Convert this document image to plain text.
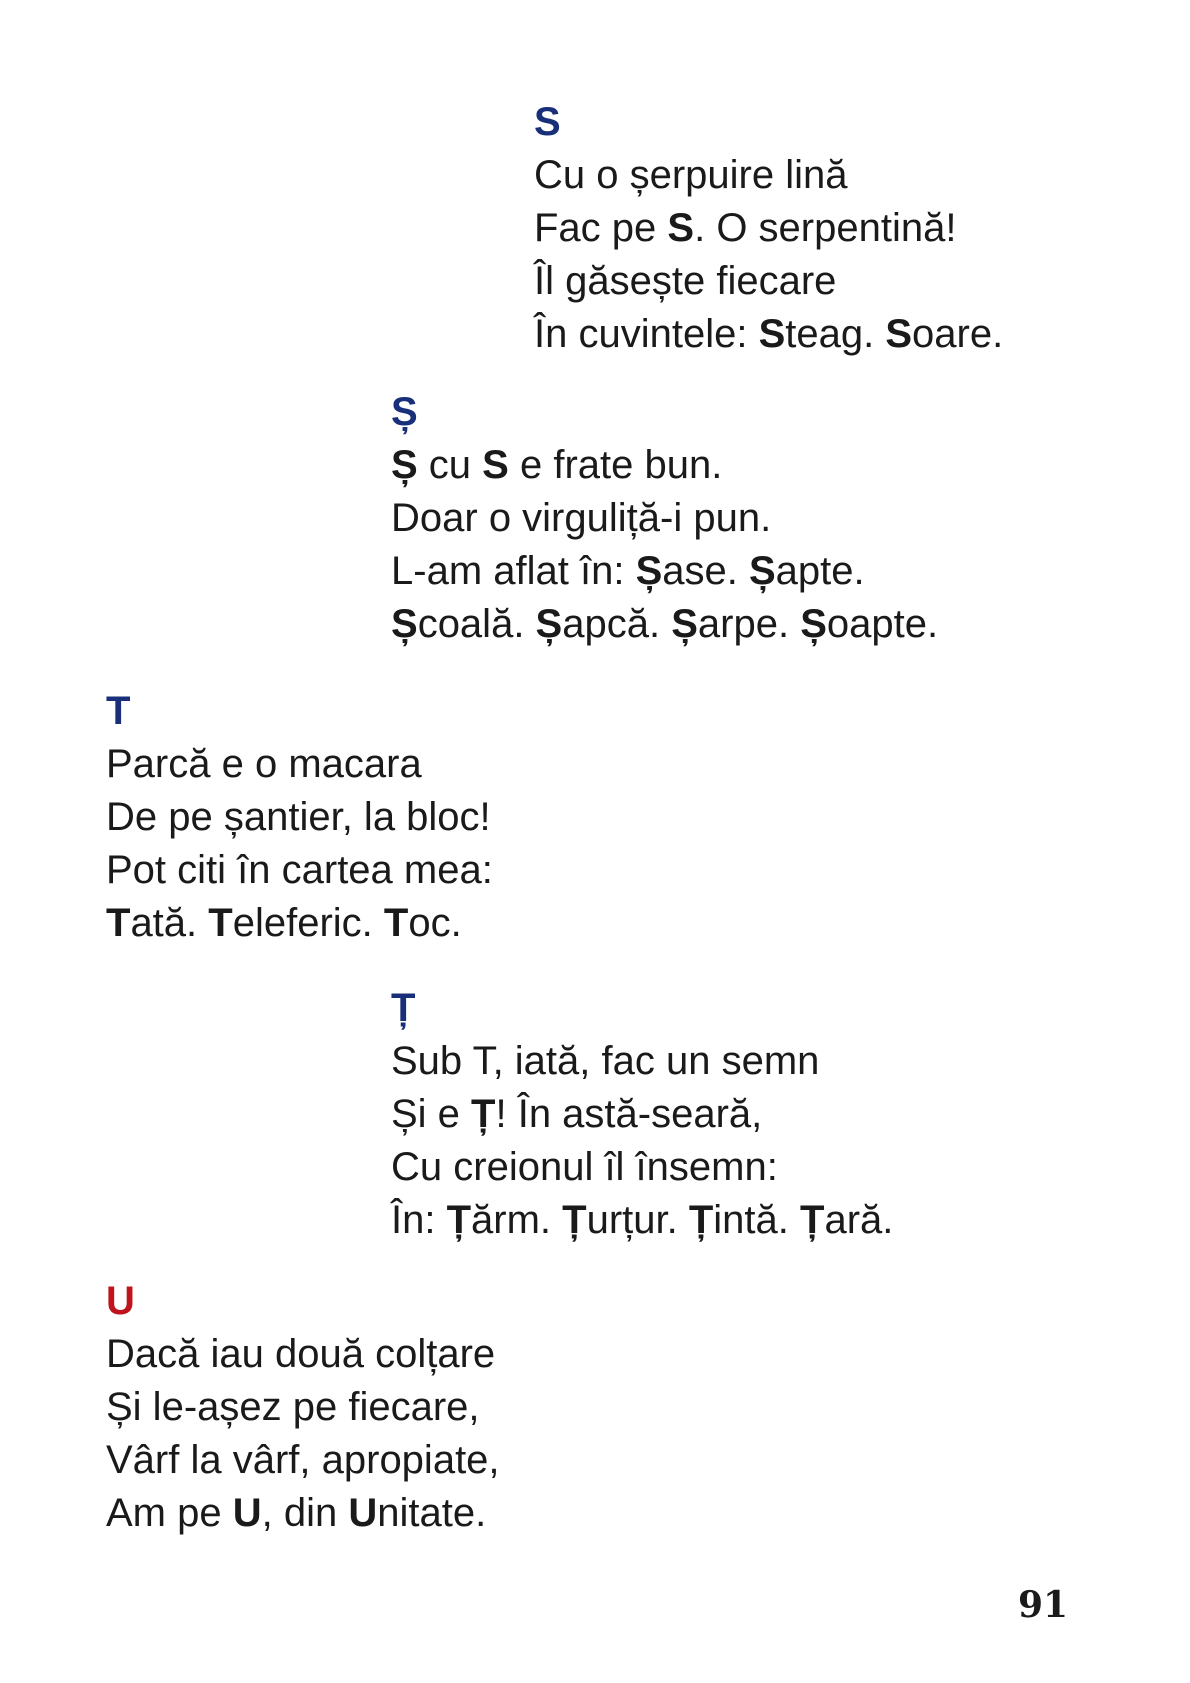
S
Cu o șerpuire lină
Fac pe S. O serpentină!
Îl găsește fiecare
În cuvintele: Steag. Soare.
Ș
Ș cu S e frate bun.
Doar o virguliță-i pun.
L-am aflat în: Șase. Șapte.
Școală. Șapcă. Șarpe. Șoapte.
T
Parcă e o macara
De pe șantier, la bloc!
Pot citi în cartea mea:
Tată. Teleferic. Toc.
Ț
Sub T, iată, fac un semn
Și e Ț! În astă-seară,
Cu creionul îl însemn:
În: Țărm. Țurțur. Țintă. Țară.
U
Dacă iau două colțare
Și le-așez pe fiecare,
Vârf la vârf, apropiate,
Am pe U, din Unitate.
91
